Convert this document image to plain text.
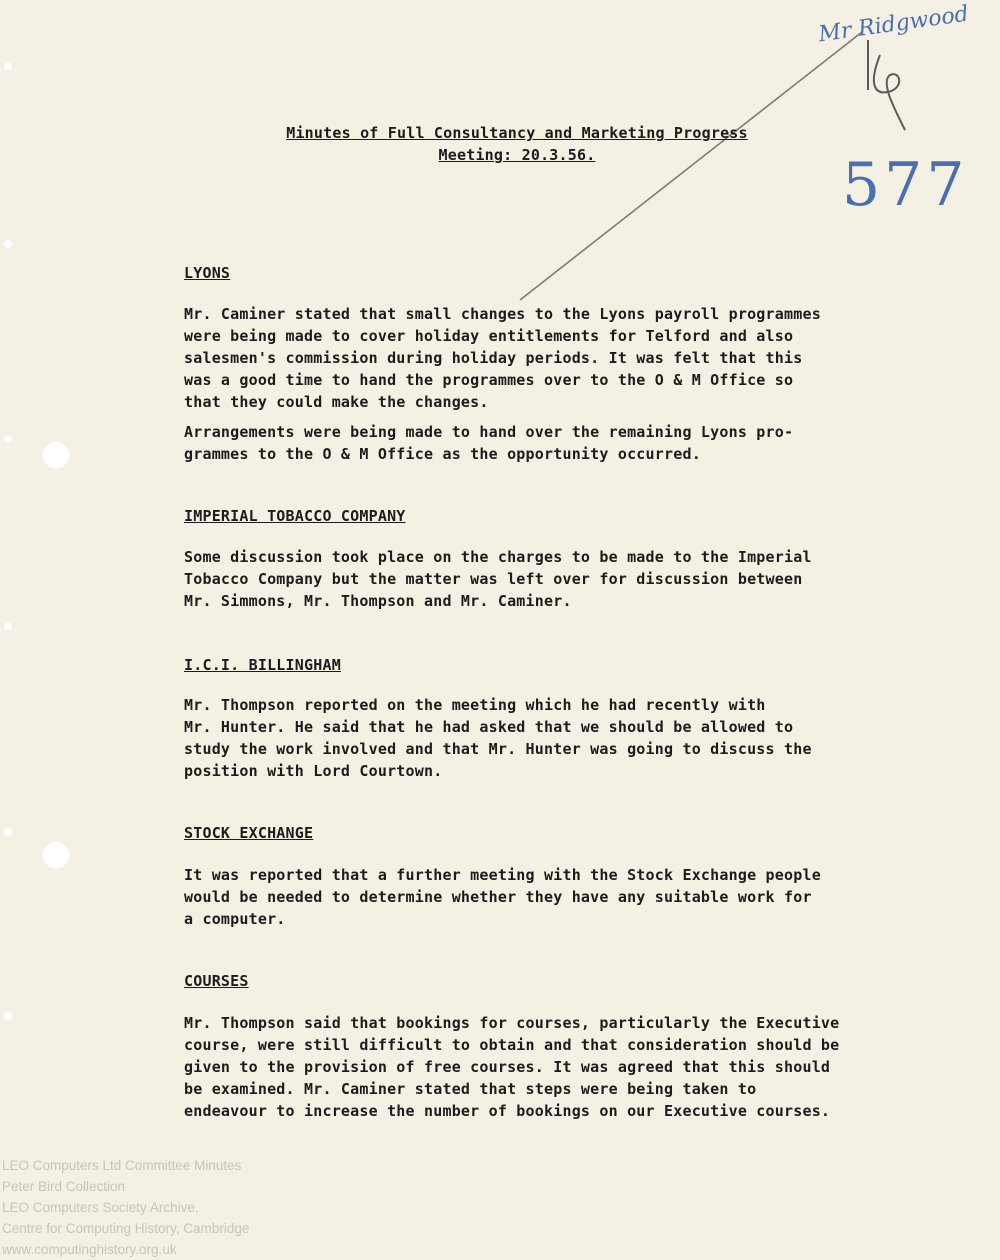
Mr Ridgwood
577
Minutes of Full Consultancy and Marketing Progress
Meeting: 20.3.56.
LYONS
Mr. Caminer stated that small changes to the Lyons payroll programmes
were being made to cover holiday entitlements for Telford and also
salesmen's commission during holiday periods. It was felt that this
was a good time to hand the programmes over to the O & M Office so
that they could make the changes.
Arrangements were being made to hand over the remaining Lyons pro-
grammes to the O & M Office as the opportunity occurred.
IMPERIAL TOBACCO COMPANY
Some discussion took place on the charges to be made to the Imperial
Tobacco Company but the matter was left over for discussion between
Mr. Simmons, Mr. Thompson and Mr. Caminer.
I.C.I. BILLINGHAM
Mr. Thompson reported on the meeting which he had recently with
Mr. Hunter. He said that he had asked that we should be allowed to
study the work involved and that Mr. Hunter was going to discuss the
position with Lord Courtown.
STOCK EXCHANGE
It was reported that a further meeting with the Stock Exchange people
would be needed to determine whether they have any suitable work for
a computer.
COURSES
Mr. Thompson said that bookings for courses, particularly the Executive
course, were still difficult to obtain and that consideration should be
given to the provision of free courses. It was agreed that this should
be examined. Mr. Caminer stated that steps were being taken to
endeavour to increase the number of bookings on our Executive courses.
LEO Computers Ltd Committee Minutes
Peter Bird Collection
LEO Computers Society Archive,
Centre for Computing History, Cambridge
www.computinghistory.org.uk
